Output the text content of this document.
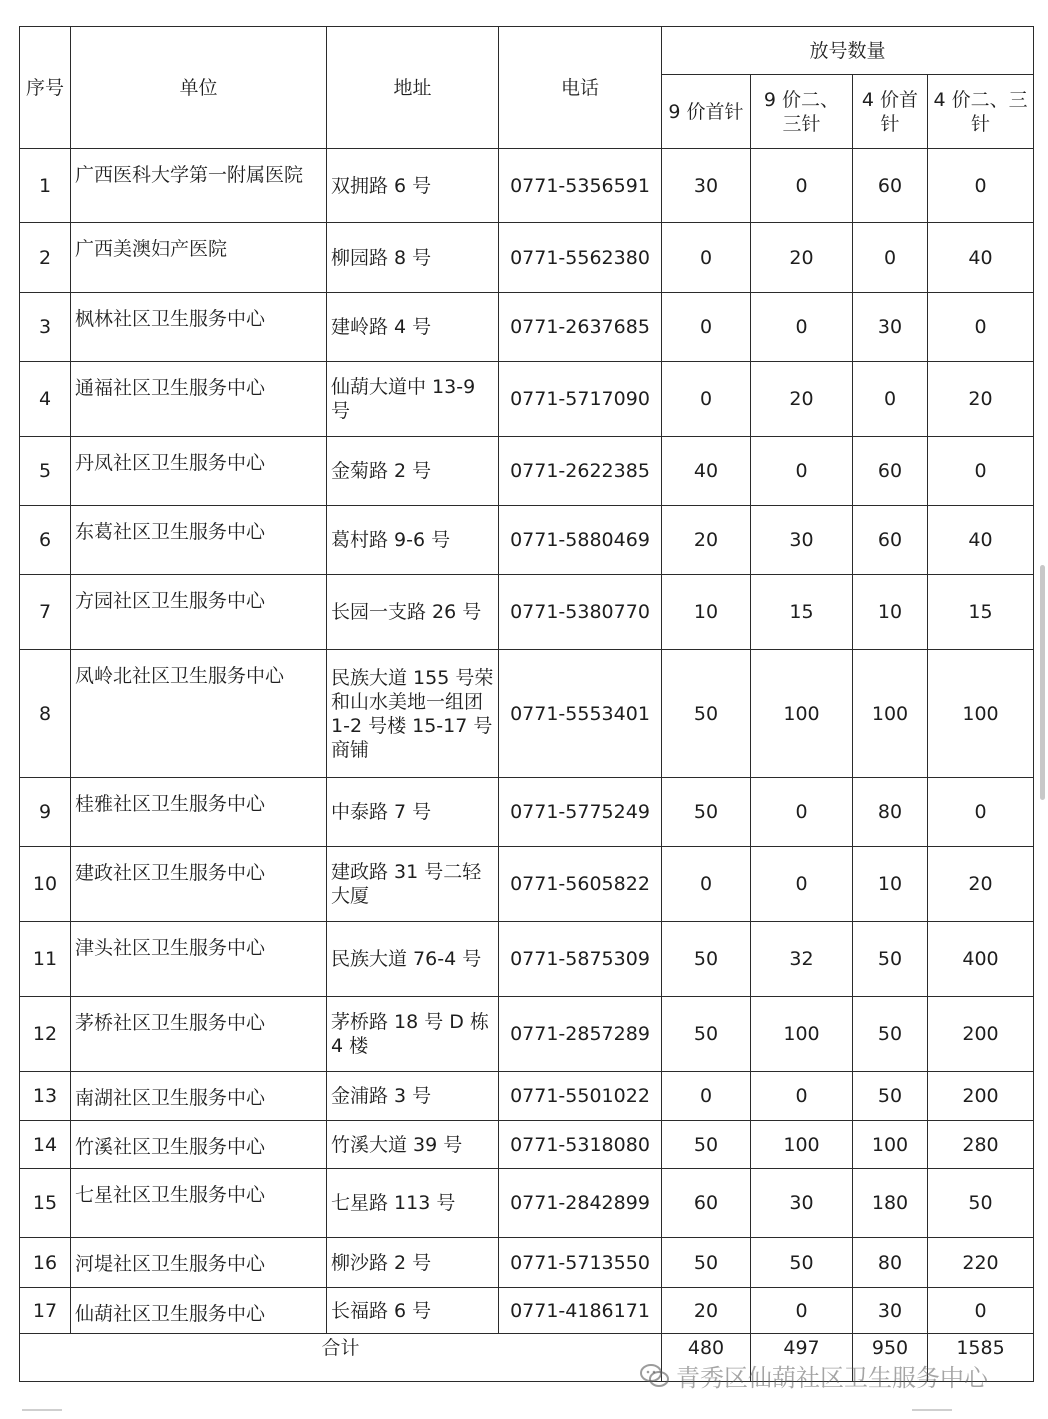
序号	单位	地址	电话	放号数量			
				9 价首针	9 价二、三针	4 价首针	4 价二、三针
1	广西医科大学第一附属医院	双拥路 6 号	0771-5356591	30	0	60	0
2	广西美澳妇产医院	柳园路 8 号	0771-5562380	0	20	0	40
3	枫林社区卫生服务中心	建岭路 4 号	0771-2637685	0	0	30	0
4	通福社区卫生服务中心	仙葫大道中 13-9 号	0771-5717090	0	20	0	20
5	丹凤社区卫生服务中心	金菊路 2 号	0771-2622385	40	0	60	0
6	东葛社区卫生服务中心	葛村路 9-6 号	0771-5880469	20	30	60	40
7	方园社区卫生服务中心	长园一支路 26 号	0771-5380770	10	15	10	15
8	凤岭北社区卫生服务中心	民族大道 155 号荣和山水美地一组团 1-2 号楼 15-17 号商铺	0771-5553401	50	100	100	100
9	桂雅社区卫生服务中心	中泰路 7 号	0771-5775249	50	0	80	0
10	建政社区卫生服务中心	建政路 31 号二轻大厦	0771-5605822	0	0	10	20
11	津头社区卫生服务中心	民族大道 76-4 号	0771-5875309	50	32	50	400
12	茅桥社区卫生服务中心	茅桥路 18 号 D 栋 4 楼	0771-2857289	50	100	50	200
13	南湖社区卫生服务中心	金浦路 3 号	0771-5501022	0	0	50	200
14	竹溪社区卫生服务中心	竹溪大道 39 号	0771-5318080	50	100	100	280
15	七星社区卫生服务中心	七星路 113 号	0771-2842899	60	30	180	50
16	河堤社区卫生服务中心	柳沙路 2 号	0771-5713550	50	50	80	220
17	仙葫社区卫生服务中心	长福路 6 号	0771-4186171	20	0	30	0
合计				480	497	950	1585
青秀区仙葫社区卫生服务中心
